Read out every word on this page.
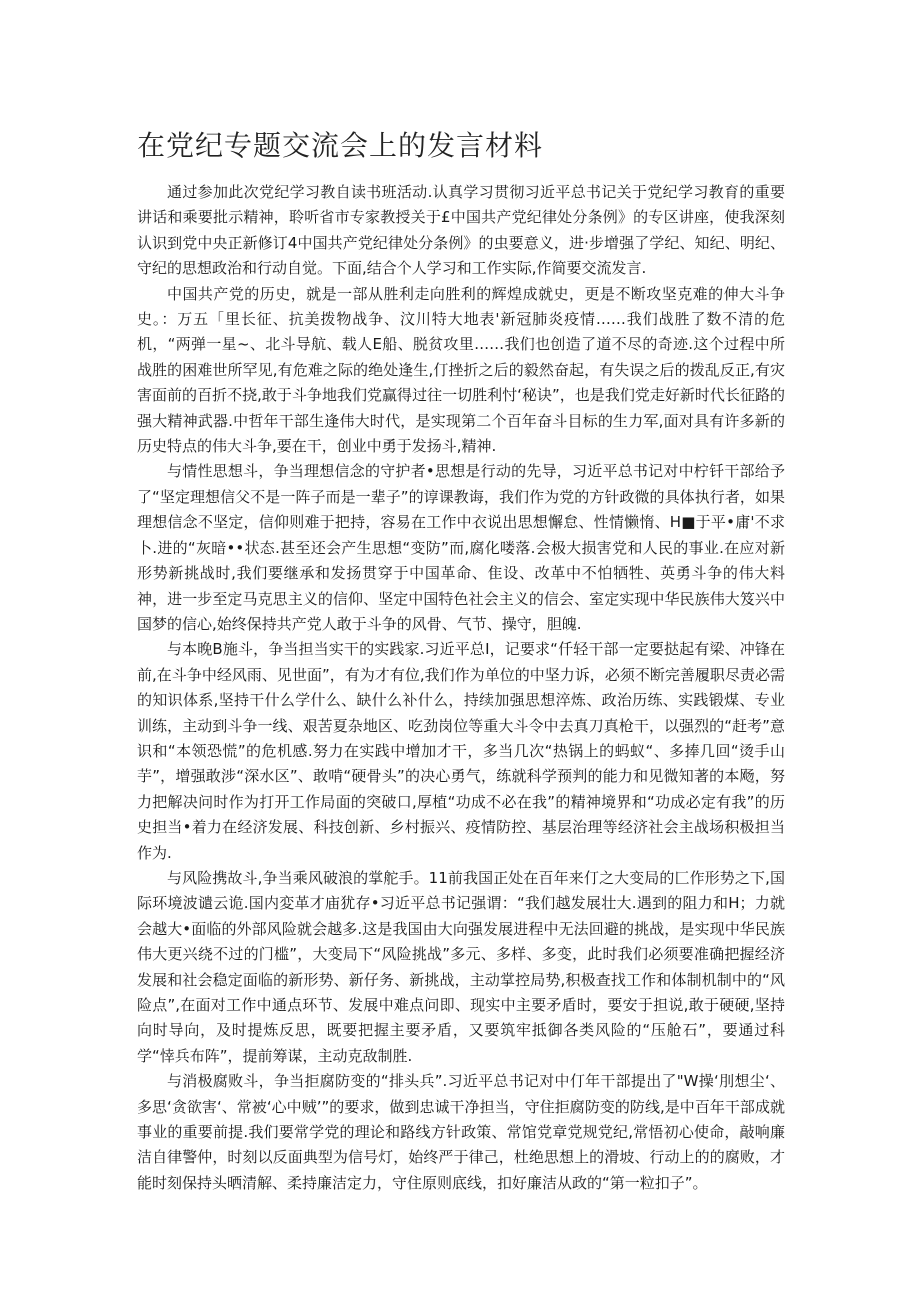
在党纪专题交流会上的发言材料

通过参加此次党纪学习教自读书班活动.认真学习贯彻习近平总书记关于党纪学习教育的重要讲话和乘要批示精神，聆听省市专家教授关于£中国共产党纪律处分条例》的专区讲座，使我深刻认识到党中央正新修订4中国共产党纪律处分条例》的虫要意义，进·步增强了学纪、知纪、明纪、守纪的思想政治和行动自觉。下面,结合个人学习和工作实际,作简要交流发言.

中国共产党的历史，就是一部从胜利走向胜利的辉煌成就史，更是不断攻坚克难的伸大斗争史。：万五「里长征、抗美拨物战争、汶川特大地表'新冠肺炎疫情……我们战胜了数不清的危机，“两弹一星~、北斗导航、载人E船、脱贫攻里……我们也创造了道不尽的奇迹.这个过程中所战胜的困难世所罕见,有危难之际的绝处逢生,仃挫折之后的毅然奋起，有失误之后的拨乱反正,有灾害面前的百折不挠,敢于斗争地我们党赢得过往一切胜利忖‘秘诀”，也是我们党走好新时代长征路的强大精神武器.中哲年干部生逢伟大时代，是实现第二个百年奋斗目标的生力军,面对具有许多新的历史特点的伟大斗争,要在干，创业中勇于发扬斗,精神.

与情性思想斗，争当理想信念的守护者•思想是行动的先导，习近平总书记对中柠钎干部给予了“坚定理想信父不是一阵子而是一辈子”的谆课教诲，我们作为党的方针政微的具体执行者，如果理想信念不坚定，信仰则难于把持，容易在工作中衣说出思想懈怠、性情懒惰、H■于平•庸'不求卜.进的“灰暗••状态.甚至还会产生思想“变防”而,腐化喽落.会极大损害党和人民的事业.在应对新形势新挑战时,我们要继承和发扬贯穿于中国革命、隹设、改革中不怕牺牲、英勇斗争的伟大料神，进一步至定马克思主义的信仰、坚定中国特色社会主义的信会、室定实现中华民族伟大笈兴中国梦的信心,始终保持共产党人敢于斗争的风骨、气节、操守，胆魄.

与本晚B施斗，争当担当实干的实践家.习近平总I，记要求“仟轻干部一定要挞起有梁、冲锋在前,在斗争中经风雨、见世面”，有为才有位,我们作为单位的中坚力诉，必须不断完善履职尽责必需的知识体系,坚持干什么学什么、缺什么补什么，持续加强思想淬炼、政治历练、实践锻煤、专业训练，主动到斗争一线、艰苦夏杂地区、吃劲岗位等重大斗令中去真刀真枪干，以强烈的“赶考”意识和“本领恐慌”的危机感.努力在实践中增加才干，多当几次“热锅上的蚂蚁“、多捧几回“烫手山芋”，增强敢涉“深水区”、敢啃“硬骨头”的决心勇气，练就科学预判的能力和见微知著的本飏，努力把解决问时作为打开工作局面的突破口,厚植“功成不必在我”的精神境界和“功成必定有我”的历史担当•着力在经济发展、科技创新、乡村振兴、疫情防控、基层治理等经济社会主战场积极担当作为.

与风险携故斗,争当乘风破浪的掌舵手。11前我国正处在百年来仃之大变局的匚作形势之下,国际环境波谴云诡.国内変革才庙犹存•习近平总书记强谓：“我们越发展壮大.遇到的阻力和H；力就会越大•面临的外部风险就会越多.这是我国由大向强发展进程中无法回避的挑战，是实现中华民族伟大更兴绕不过的门槛”，大变局下“风险挑战”多元、多样、多变，此时我们必须要准确把握经济发展和社会稳定面临的新形势、新仔务、新挑战，主动掌控局势,积极查找工作和体制机制中的“风险点”,在面对工作中通点环节、发展中难点问即、现实中主要矛盾时，要安于担说,敢于硬硬,坚持向时导向，及时提炼反思，既要把握主要矛盾，又要筑牢抵御各类风险的“压舱石”，要通过科学“悻兵布阵”，提前筹谋，主动克敌制胜.

与消极腐败斗，争当拒腐防变的“排头兵”.习近平总书记对中仃年干部提出了"W操‘刖想尘‘、多思‘贪欲害‘、常被‘心中贼’”的要求，做到忠诚干净担当，守住拒腐防变的防线,是中百年干部成就事业的重要前提.我们要常学党的理论和路线方针政策、常馆党章党规党纪,常悟初心使命，敲响廉洁自律警仲，时刻以反面典型为信号灯，始终严于律己，杜绝思想上的滑坡、行动上的的腐败，才能时刻保持头晒清解、柔持廉洁定力，守住原则底线，扣好廉洁从政的“第一粒扣子”。
